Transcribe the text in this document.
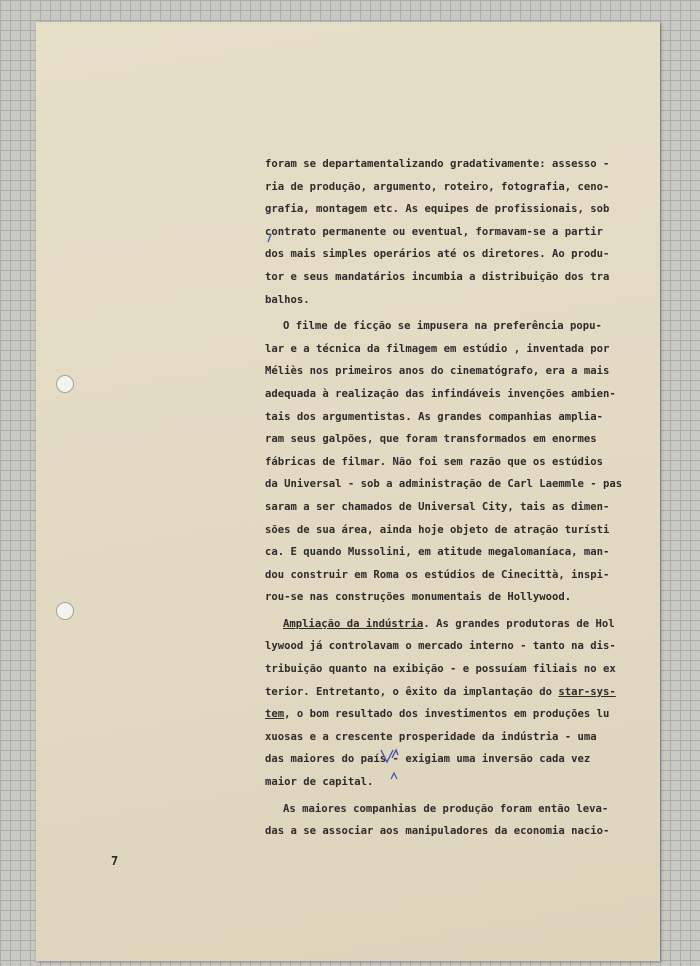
foram se departamentalizando gradativamente: assesso -
ria de produção, argumento, roteiro, fotografia, ceno-
grafia, montagem etc. As equipes de profissionais, sob
contrato permanente ou eventual, formavam-se a partir
dos mais simples operários até os diretores. Ao produ-
tor e seus mandatários incumbia a distribuição dos tra
balhos.
O filme de ficção se impusera na preferência popu-
lar e a técnica da filmagem em estúdio , inventada por
Méliès nos primeiros anos do cinematógrafo, era a mais
adequada à realização das infindáveis invenções ambien-
tais dos argumentistas. As grandes companhias amplia-
ram seus galpões, que foram transformados em enormes
fábricas de filmar. Não foi sem razão que os estúdios
da Universal - sob a administração de Carl Laemmle - pas
saram a ser chamados de Universal City, tais as dimen-
sões de sua área, ainda hoje objeto de atração turísti
ca. E quando Mussolini, em atitude megalomaníaca, man-
dou construir em Roma os estúdios de Cinecittà, inspi-
rou-se nas construções monumentais de Hollywood.
Ampliação da indústria. As grandes produtoras de Hol
lywood já controlavam o mercado interno - tanto na dis-
tribuição quanto na exibição - e possuíam filiais no ex
terior. Entretanto, o êxito da implantação do star-sys-
tem, o bom resultado dos investimentos em produções lu
xuosas e a crescente prosperidade da indústria - uma
das maiores do país - exigiam uma inversão cada vez
maior de capital.
As maiores companhias de produção foram então leva-
das a se associar aos manipuladores da economia nacio-
7
